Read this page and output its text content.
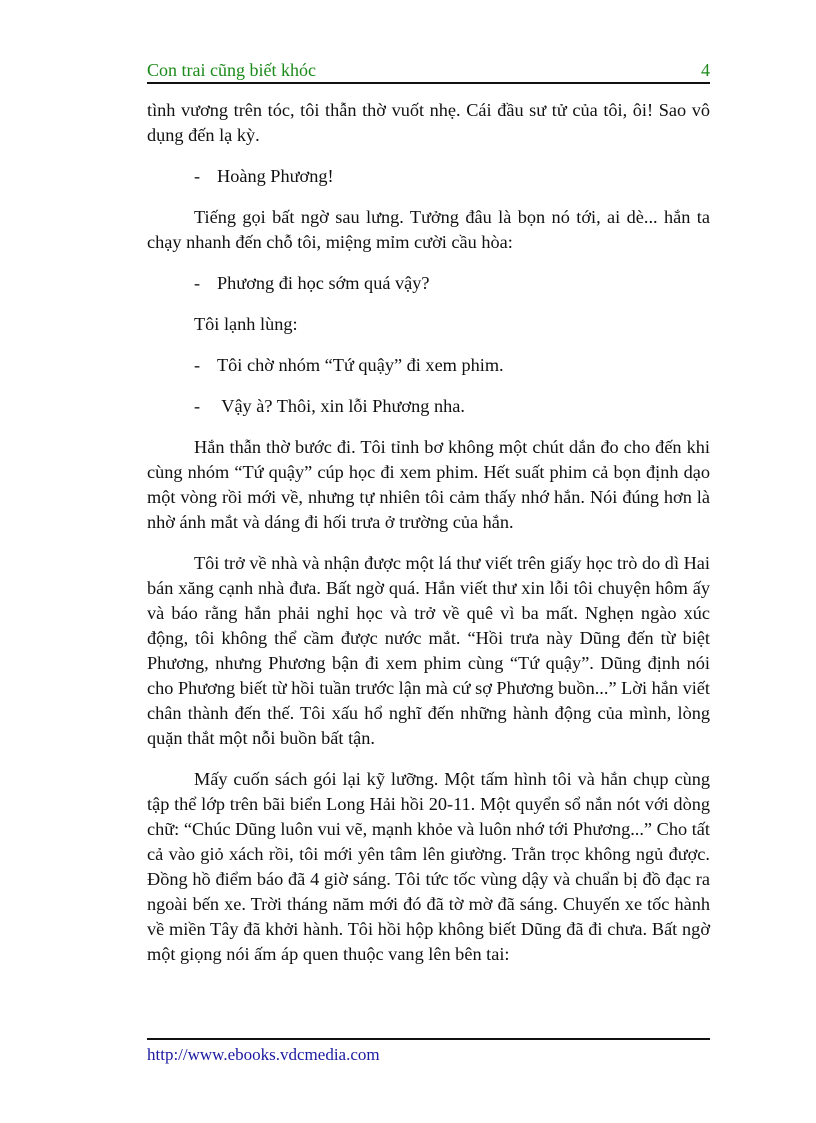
Con trai cũng biết khóc	4

tình vương trên tóc, tôi thẫn thờ vuốt nhẹ. Cái đầu sư tử của tôi, ôi! Sao vô dụng đến lạ kỳ.

- Hoàng Phương!

Tiếng gọi bất ngờ sau lưng. Tưởng đâu là bọn nó tới, ai dè... hắn ta chạy nhanh đến chỗ tôi, miệng mỉm cười cầu hòa:

- Phương đi học sớm quá vậy?

Tôi lạnh lùng:

- Tôi chờ nhóm “Tứ quậy” đi xem phim.

- Vậy à? Thôi, xin lỗi Phương nha.

Hắn thẫn thờ bước đi. Tôi tỉnh bơ không một chút dắn đo cho đến khi cùng nhóm “Tứ quậy” cúp học đi xem phim. Hết suất phim cả bọn định dạo một vòng rồi mới về, nhưng tự nhiên tôi cảm thấy nhớ hắn. Nói đúng hơn là nhờ ánh mắt và dáng đi hối trưa ở trường của hắn.

Tôi trở về nhà và nhận được một lá thư viết trên giấy học trò do dì Hai bán xăng cạnh nhà đưa. Bất ngờ quá. Hắn viết thư xin lỗi tôi chuyện hôm ấy và báo rằng hắn phải nghỉ học và trở về quê vì ba mất. Nghẹn ngào xúc động, tôi không thể cầm được nước mắt. “Hồi trưa này Dũng đến từ biệt Phương, nhưng Phương bận đi xem phim cùng “Tứ quậy”. Dũng định nói cho Phương biết từ hồi tuần trước lận mà cứ sợ Phương buồn...” Lời hắn viết chân thành đến thế. Tôi xấu hổ nghĩ đến những hành động của mình, lòng quặn thắt một nỗi buồn bất tận.

Mấy cuốn sách gói lại kỹ lưỡng. Một tấm hình tôi và hắn chụp cùng tập thể lớp trên bãi biển Long Hải hồi 20-11. Một quyển sổ nắn nót với dòng chữ: “Chúc Dũng luôn vui vẽ, mạnh khỏe và luôn nhớ tới Phương...” Cho tất cả vào giỏ xách rồi, tôi mới yên tâm lên giường. Trằn trọc không ngủ được. Đồng hồ điểm báo đã 4 giờ sáng. Tôi tức tốc vùng dậy và chuẩn bị đồ đạc ra ngoài bến xe. Trời tháng năm mới đó đã tờ mờ đã sáng. Chuyến xe tốc hành về miền Tây đã khởi hành. Tôi hồi hộp không biết Dũng đã đi chưa. Bất ngờ một giọng nói ấm áp quen thuộc vang lên bên tai:

http://www.ebooks.vdcmedia.com
